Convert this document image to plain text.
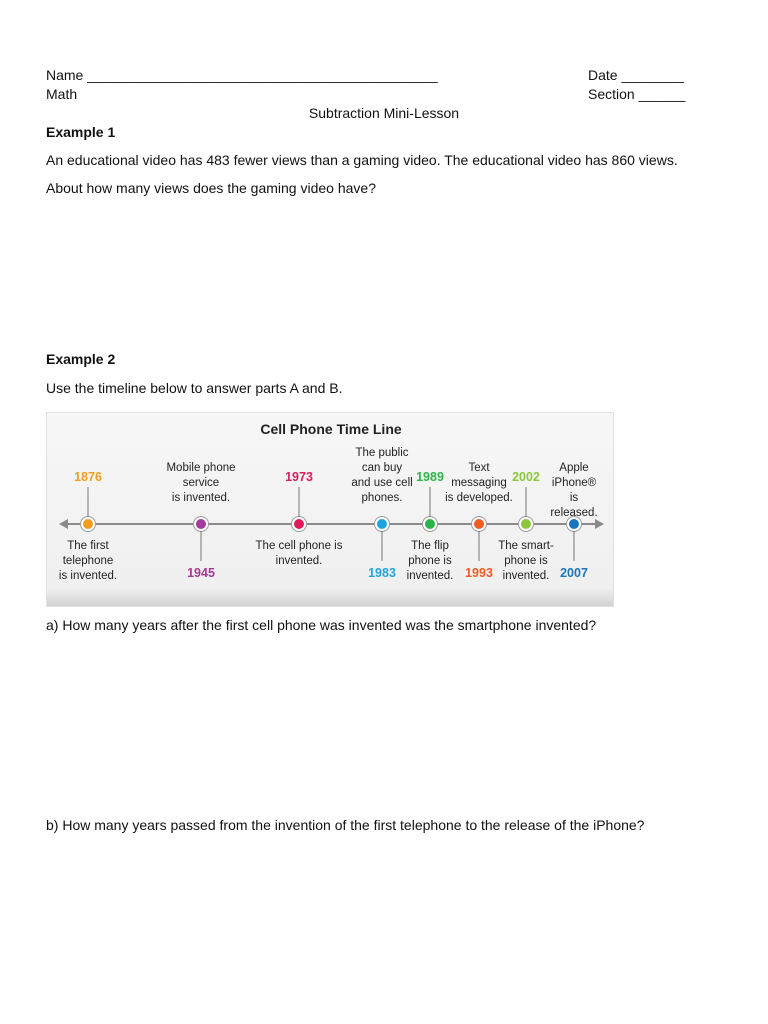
Name _____________________________________________	Date ________
Math	Section ______
Subtraction Mini-Lesson
Example 1
An educational video has 483 fewer views than a gaming video. The educational video has 860 views.
About how many views does the gaming video have?
Example 2
Use the timeline below to answer parts A and B.
Cell Phone Time Line
The first
telephone
is invented.
1876
Mobile phone
service
is invented.
1945
The cell phone is
invented.
1973
The public
can buy
and use cell
phones.
1983
The flip
phone is
invented.
1989
Text
messaging
is developed.
1993
The smart-
phone is
invented.
2002
Apple
iPhone® is
released.
2007
a) How many years after the first cell phone was invented was the smartphone invented?
b) How many years passed from the invention of the first telephone to the release of the iPhone?
